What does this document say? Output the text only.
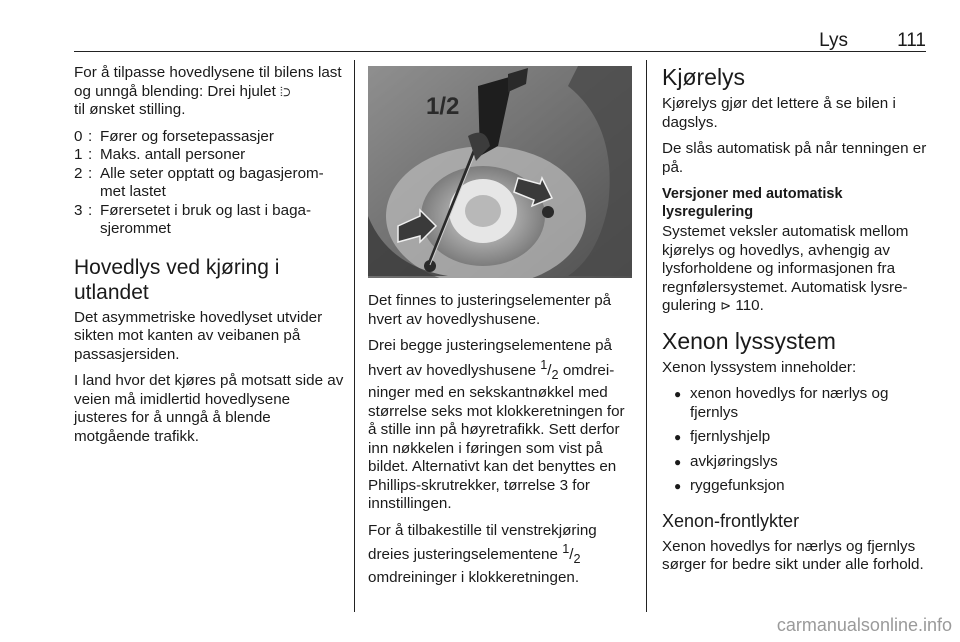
Lys	111

For å tilpasse hovedlysene til bilens last og unngå blending: Drei hjulet ⦙⊃
til ønsket stilling.

0 : Fører og forsetepassasjer
1 : Maks. antall personer
2 : Alle seter opptatt og bagasjerom-met lastet
3 : Førersetet i bruk og last i baga-sjerommet
Hovedlys ved kjøring i utlandet

Det asymmetriske hovedlyset utvider sikten mot kanten av veibanen på passasjersiden.

I land hvor det kjøres på motsatt side av veien må imidlertid hovedlysene justeres for å unngå å blende motgående trafikk.

1/2

Det finnes to justeringselementer på hvert av hovedlyshusene.

Drei begge justeringselementene på hvert av hovedlyshusene $^1/_2$ omdrei-ninger med en sekskantnøkkel med størrelse seks mot klokkeretningen for å stille inn på høyretrafikk. Sett derfor inn nøkkelen i føringen som vist på bildet. Alternativt kan det benyttes en Phillips-skrutrekker, tørrelse 3 for innstillingen.

For å tilbakestille til venstrekjøring dreies justeringselementene $^1/_2$
omdreininger i klokkeretningen.

Kjørelys

Kjørelys gjør det lettere å se bilen i dagslys.

De slås automatisk på når tenningen er på.

Versjoner med automatisk lysregulering

Systemet veksler automatisk mellom kjørelys og hovedlys, avhengig av lysforholdene og informasjonen fra regnfølersystemet. Automatisk lysre-gulering ⊳ 110.

Xenon lyssystem

Xenon lyssystem inneholder:

● xenon hovedlys for nærlys og fjernlys
● fjernlyshjelp
● avkjøringslys
● ryggefunksjon
Xenon-frontlykter

Xenon hovedlys for nærlys og fjernlys sørger for bedre sikt under alle forhold.

carmanualsonline.info
